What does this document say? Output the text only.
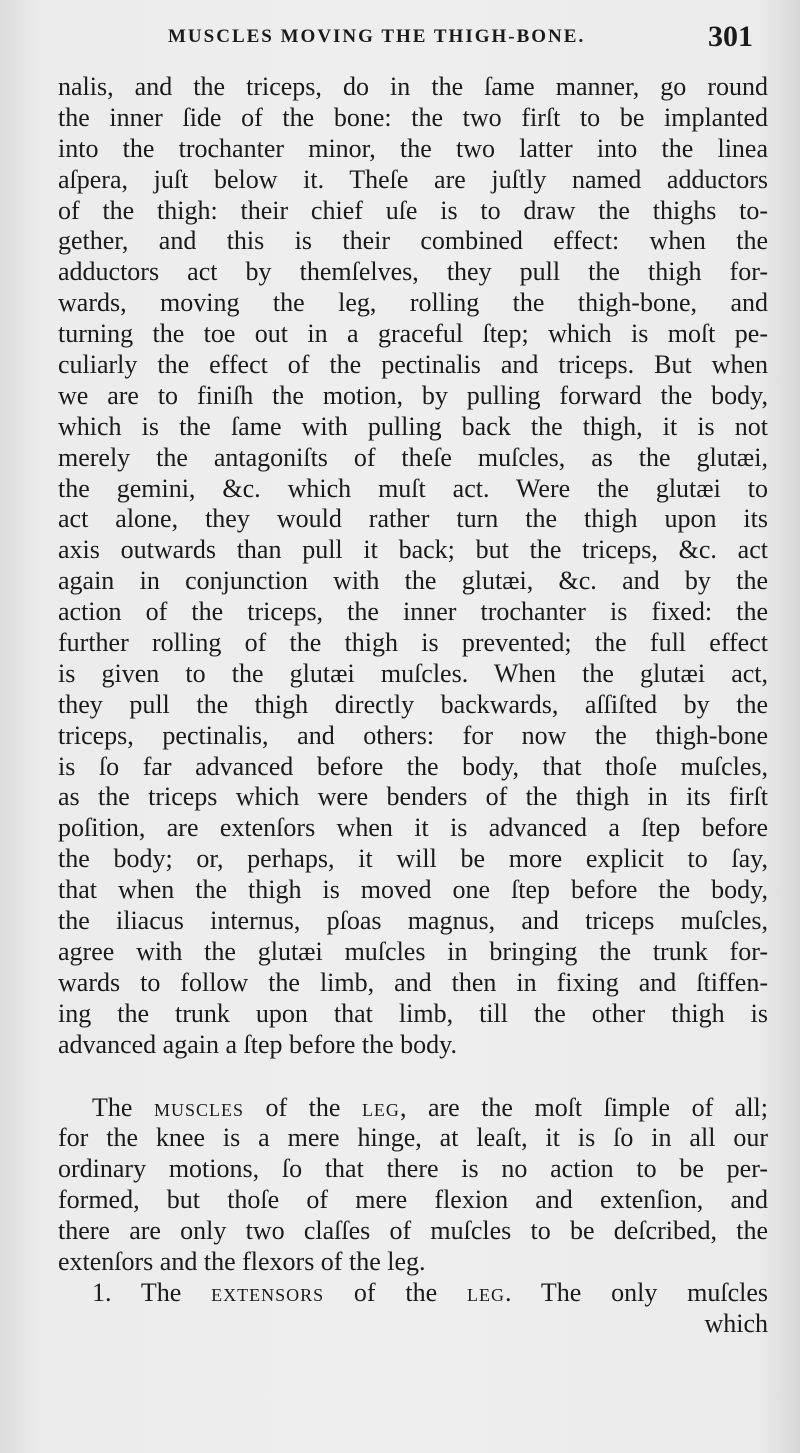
MUSCLES MOVING THE THIGH-BONE.	301
nalis, and the triceps, do in the ſame manner, go round
the inner ſide of the bone: the two firſt to be implanted
into the trochanter minor, the two latter into the linea
aſpera, juſt below it. Theſe are juſtly named adductors
of the thigh: their chief uſe is to draw the thighs to-
gether, and this is their combined effect: when the
adductors act by themſelves, they pull the thigh for-
wards, moving the leg, rolling the thigh-bone, and
turning the toe out in a graceful ſtep; which is moſt pe-
culiarly the effect of the pectinalis and triceps. But when
we are to finiſh the motion, by pulling forward the body,
which is the ſame with pulling back the thigh, it is not
merely the antagoniſts of theſe muſcles, as the glutæi,
the gemini, &c. which muſt act. Were the glutæi to
act alone, they would rather turn the thigh upon its
axis outwards than pull it back; but the triceps, &c. act
again in conjunction with the glutæi, &c. and by the
action of the triceps, the inner trochanter is fixed: the
further rolling of the thigh is prevented; the full effect
is given to the glutæi muſcles. When the glutæi act,
they pull the thigh directly backwards, aſſiſted by the
triceps, pectinalis, and others: for now the thigh-bone
is ſo far advanced before the body, that thoſe muſcles,
as the triceps which were benders of the thigh in its firſt
poſition, are extenſors when it is advanced a ſtep before
the body; or, perhaps, it will be more explicit to ſay,
that when the thigh is moved one ſtep before the body,
the iliacus internus, pſoas magnus, and triceps muſcles,
agree with the glutæi muſcles in bringing the trunk for-
wards to follow the limb, and then in fixing and ſtiffen-
ing the trunk upon that limb, till the other thigh is
advanced again a ſtep before the body.
The muscles of the leg, are the moſt ſimple of all;
for the knee is a mere hinge, at leaſt, it is ſo in all our
ordinary motions, ſo that there is no action to be per-
formed, but thoſe of mere flexion and extenſion, and
there are only two claſſes of muſcles to be deſcribed, the
extenſors and the flexors of the leg.
1. The extensors of the leg. The only muſcles
which
